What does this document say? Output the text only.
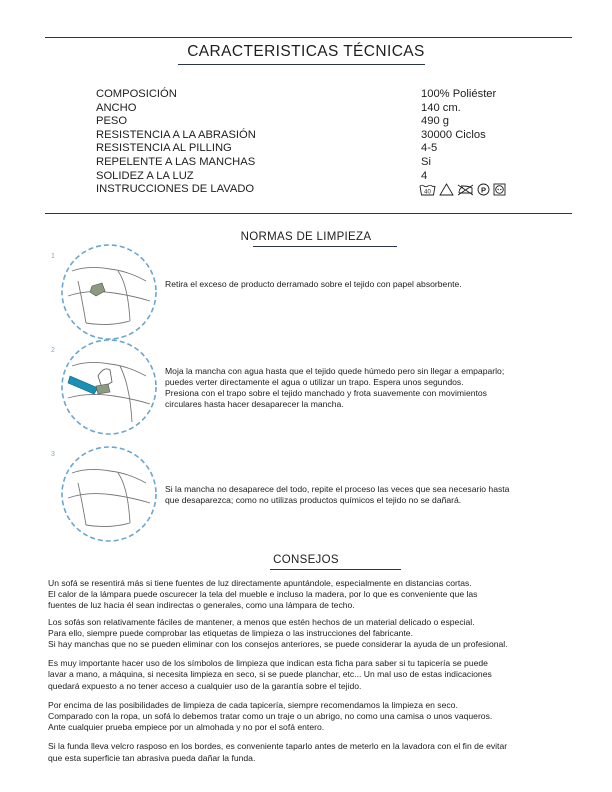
CARACTERISTICAS TÉCNICAS
COMPOSICIÓN	100% Poliéster
ANCHO	140 cm.
PESO	490 g
RESISTENCIA A LA ABRASIÓN	30000 Ciclos
RESISTENCIA AL PILLING	4-5
REPELENTE A LAS MANCHAS	Si
SOLIDEZ A LA LUZ	4
INSTRUCCIONES DE LAVADO	40	P
NORMAS DE LIMPIEZA
1
Retira el exceso de producto derramado sobre el tejido con papel absorbente.
2
Moja la mancha con agua hasta que el tejido quede húmedo pero sin llegar a empaparlo;
puedes verter directamente el agua o utilizar un trapo. Espera unos segundos.
Presiona con el trapo sobre el tejido manchado y frota suavemente con movimientos
circulares hasta hacer desaparecer la mancha.
3
Si la mancha no desaparece del todo, repite el proceso las veces que sea necesario hasta
que desaparezca; como no utilizas productos químicos el tejido no se dañará.
CONSEJOS

Un sofá se resentirá más si tiene fuentes de luz directamente apuntándole, especialmente en distancias cortas.
El calor de la lámpara puede oscurecer la tela del mueble e incluso la madera, por lo que es conveniente que las
fuentes de luz hacia él sean indirectas o generales, como una lámpara de techo.

Los sofás son relativamente fáciles de mantener, a menos que estén hechos de un material delicado o especial.
Para ello, siempre puede comprobar las etiquetas de limpieza o las instrucciones del fabricante.
Si hay manchas que no se pueden eliminar con los consejos anteriores, se puede considerar la ayuda de un profesional.

Es muy importante hacer uso de los símbolos de limpieza que indican esta ficha para saber si tu tapicería se puede
lavar a mano, a máquina, si necesita limpieza en seco, si se puede planchar, etc... Un mal uso de estas indicaciones
quedará expuesto a no tener acceso a cualquier uso de la garantía sobre el tejido.

Por encima de las posibilidades de limpieza de cada tapicería, siempre recomendamos la limpieza en seco.
Comparado con la ropa, un sofá lo debemos tratar como un traje o un abrigo, no como una camisa o unos vaqueros.
Ante cualquier prueba empiece por un almohada y no por el sofá entero.

Si la funda lleva velcro rasposo en los bordes, es conveniente taparlo antes de meterlo en la lavadora con el fin de evitar
que esta superficie tan abrasiva pueda dañar la funda.
